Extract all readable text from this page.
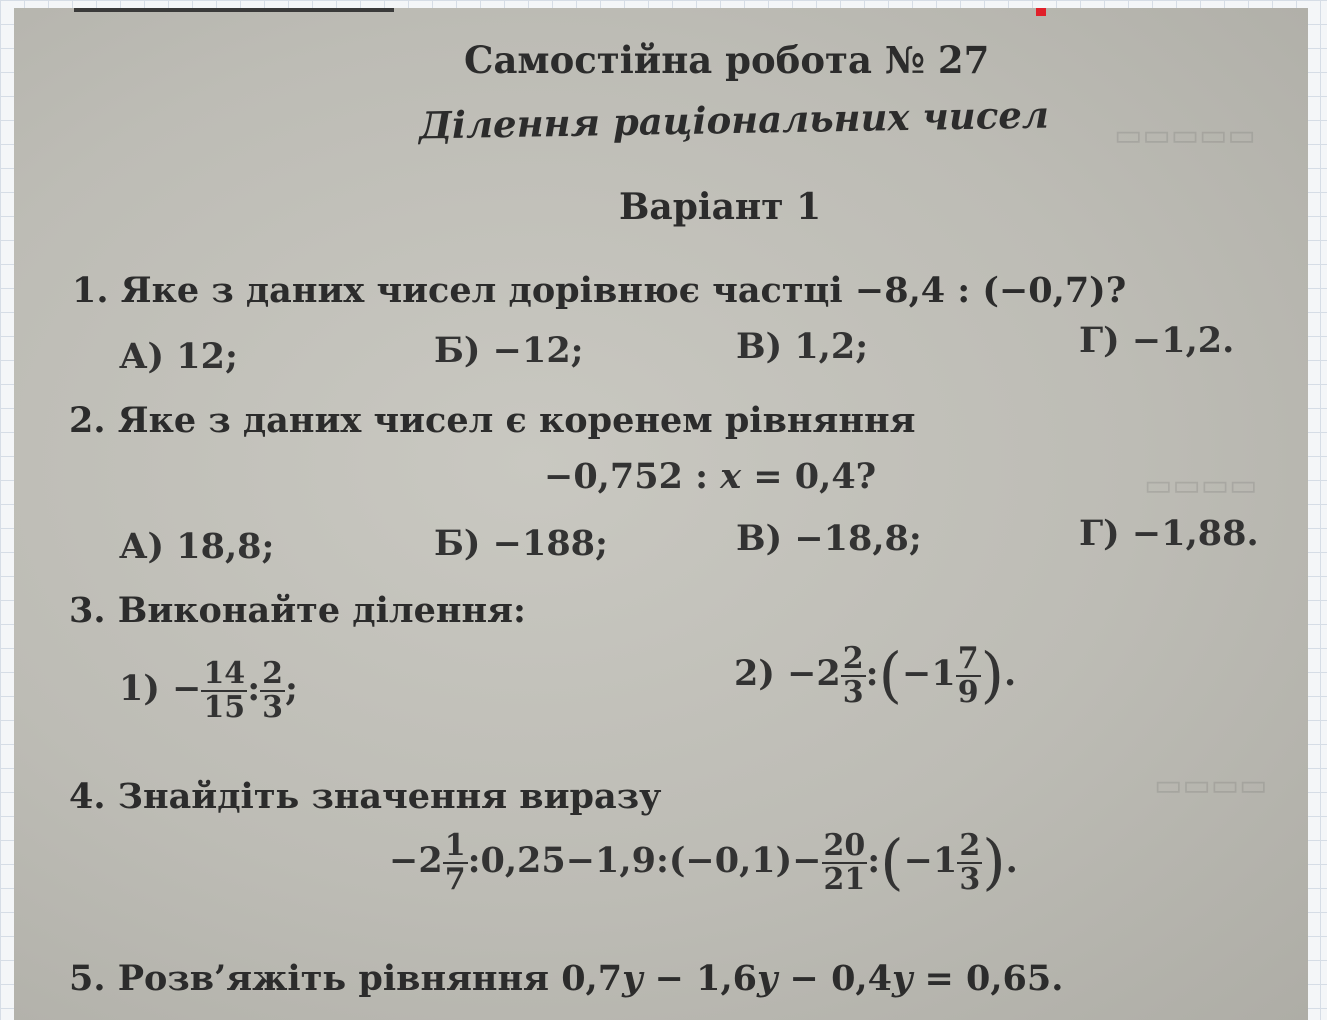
▭▭▭▭▭
▭▭▭▭
▭▭▭▭
Самостійна робота № 27
Ділення раціональних чисел
Варіант 1
1. Яке з даних чисел дорівнює частці −8,4 : (−0,7)?
А) 12;	Б) −12;	В) 1,2;	Г) −1,2.
2. Яке з даних чисел є коренем рівняння
−0,752 : x = 0,4?
А) 18,8;	Б) −188;	В) −18,8;	Г) −1,88.
3. Виконайте ділення:
$1) - \frac{14}{15}$ : $\frac{2}{3}$ ;	$2) -2 \frac{2}{3}$ :(−1 $\frac{7}{9}$ ).
4. Знайдіть значення виразу
$-2 \frac{1}{7}$ :0,25−1,9:(−0,1)− $\frac{20}{21}$ :(−1 $\frac{2}{3}$ ).
5. Розв’яжіть рівняння 0,7y − 1,6y − 0,4y = 0,65.
